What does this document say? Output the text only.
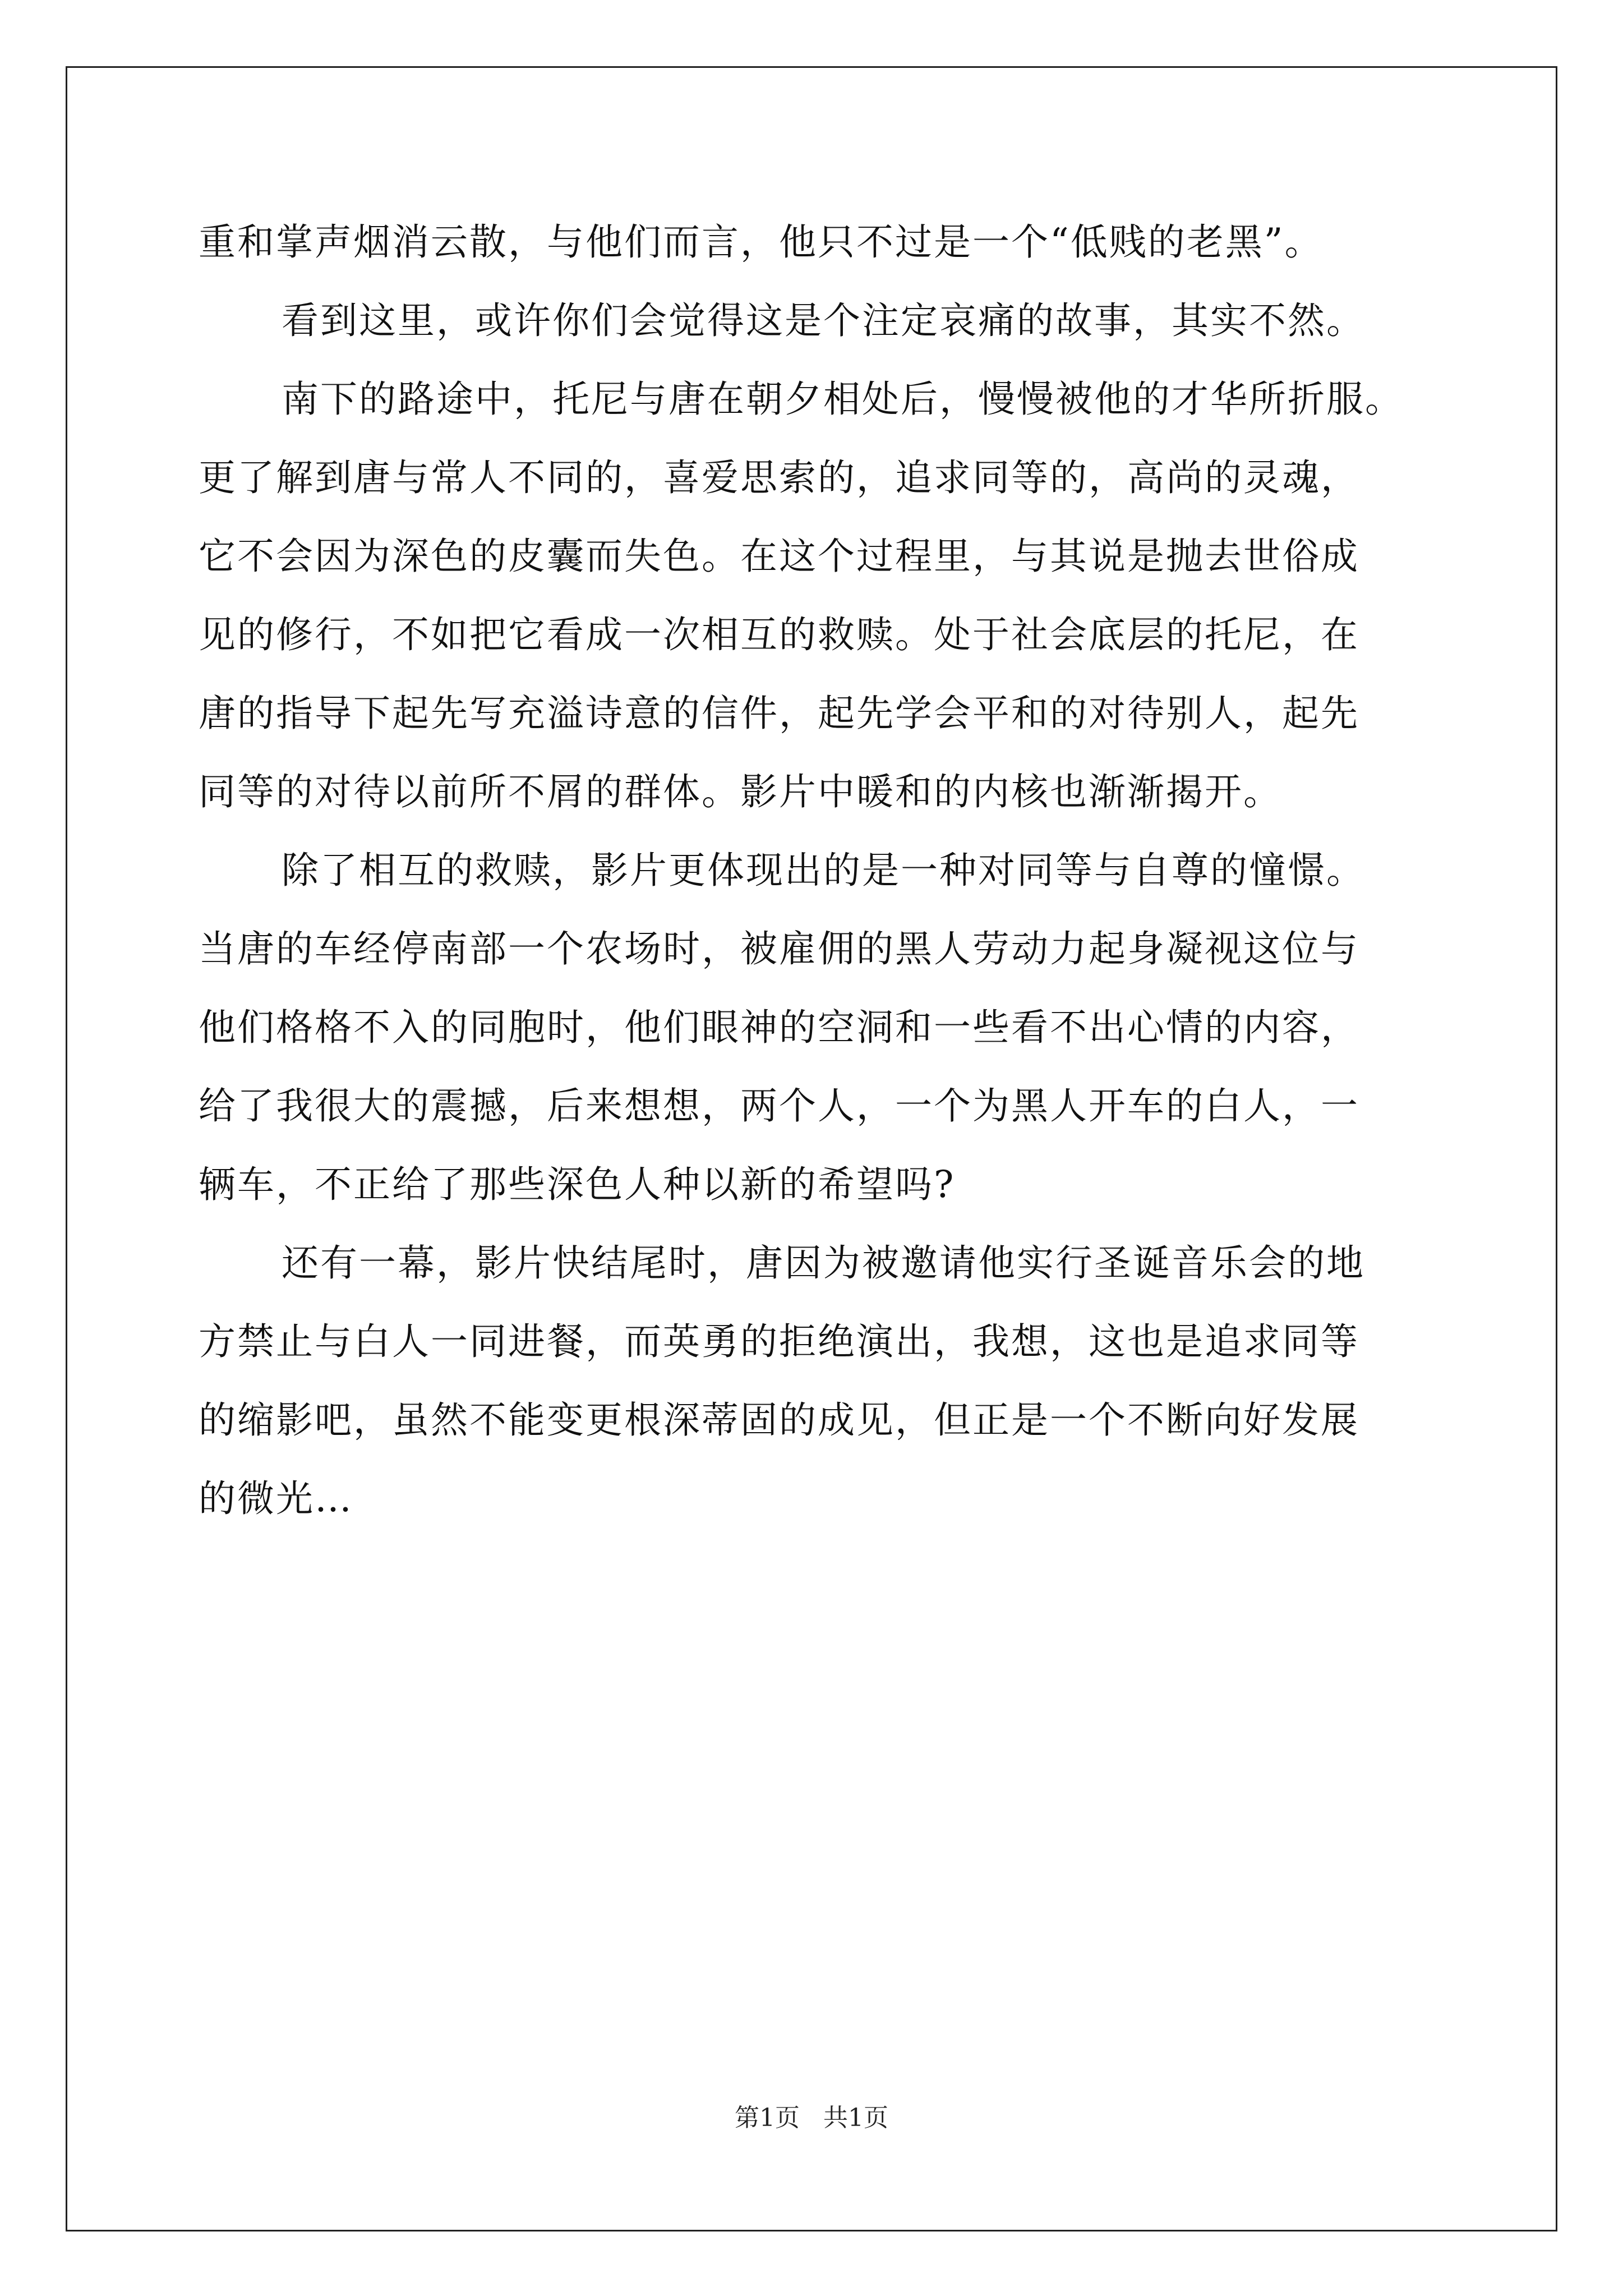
重和掌声烟消云散，与他们而言，他只不过是一个“低贱的老黑”。

看到这里，或许你们会觉得这是个注定哀痛的故事，其实不然。

南下的路途中，托尼与唐在朝夕相处后，慢慢被他的才华所折服。

更了解到唐与常人不同的，喜爱思索的，追求同等的，高尚的灵魂，

它不会因为深色的皮囊而失色。在这个过程里，与其说是抛去世俗成

见的修行，不如把它看成一次相互的救赎。处于社会底层的托尼，在

唐的指导下起先写充溢诗意的信件，起先学会平和的对待别人，起先

同等的对待以前所不屑的群体。影片中暖和的内核也渐渐揭开。

除了相互的救赎，影片更体现出的是一种对同等与自尊的憧憬。

当唐的车经停南部一个农场时，被雇佣的黑人劳动力起身凝视这位与

他们格格不入的同胞时，他们眼神的空洞和一些看不出心情的内容，

给了我很大的震撼，后来想想，两个人，一个为黑人开车的白人，一

辆车，不正给了那些深色人种以新的希望吗?

还有一幕，影片快结尾时，唐因为被邀请他实行圣诞音乐会的地

方禁止与白人一同进餐，而英勇的拒绝演出，我想，这也是追求同等

的缩影吧，虽然不能变更根深蒂固的成见，但正是一个不断向好发展

的微光…

第1页   共1页
